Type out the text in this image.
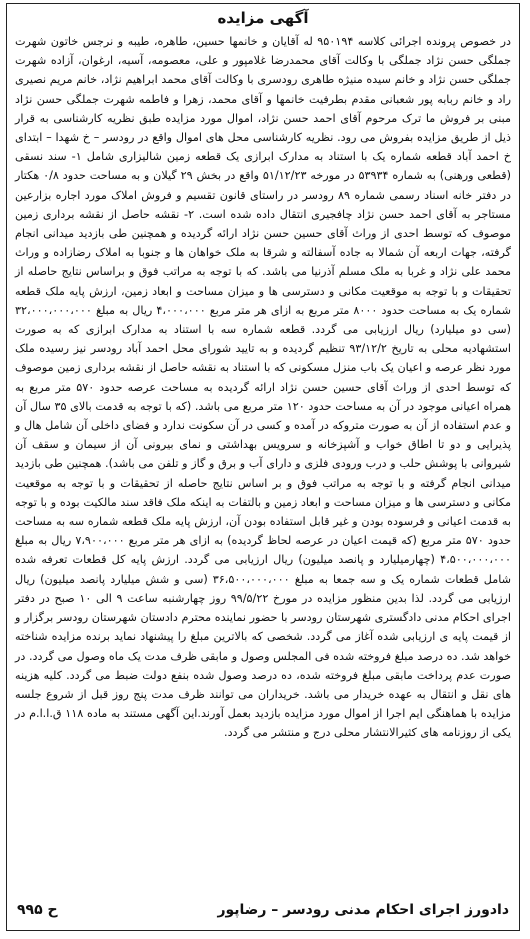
آگهی مزایده

در خصوص پرونده اجرائی کلاسه ۹۵۰۱۹۴ له آقایان و خانمها حسین، طاهره، طیبه و نرجس خاتون شهرت جملگی حسن نژاد جملگی با وکالت آقای محمدرضا غلامپور و علی، معصومه، آسیه، ارغوان، آزاده شهرت جملگی حسن نژاد و خانم سیده منیژه طاهری رودسری با وکالت آقای محمد ابراهیم نژاد، خانم مریم نصیری راد و خانم ربابه پور شعبانی مقدم بطرفیت خانمها و آقای محمد، زهرا و فاطمه شهرت جملگی حسن نژاد مبنی بر فروش ما ترک مرحوم آقای احمد حسن نژاد، اموال مورد مزایده طبق نظریه کارشناسی به قرار ذیل از طریق مزایده بفروش می رود. نظریه کارشناسی محل های اموال واقع در رودسر – خ شهدا – ابتدای خ احمد آباد قطعه شماره یک با استناد به مدارک ابرازی یک قطعه زمین شالیزاری شامل ۱- سند نسقی (قطعی ورهنی) به شماره ۵۳۹۳۴ در مورخه ۵۱/۱۲/۲۳ واقع در بخش ۲۹ گیلان و به مساحت حدود ۰/۸ هکتار در دفتر خانه اسناد رسمی شماره ۸۹ رودسر در راستای قانون تقسیم و فروش املاک مورد اجاره بزارعین مستاجر به آقای احمد حسن نژاد چافجیری انتقال داده شده است. ۲- نقشه حاصل از نقشه برداری زمین موصوف که توسط احدی از وراث آقای حسین حسن نژاد ارائه گردیده و همچنین طی بازدید میدانی انجام گرفته، جهات اربعه آن شمالا به جاده آسفالته و شرقا به ملک خواهان ها و جنوبا به املاک رضازاده و وراث محمد علی نژاد و غربا به ملک مسلم آذرنیا می باشد. که با توجه به مراتب فوق و براساس نتایج حاصله از تحقیقات و با توجه به موقعیت مکانی و دسترسی ها و میزان مساحت و ابعاد زمین، ارزش پایه ملک قطعه شماره یک به مساحت حدود ۸۰۰۰ متر مربع به ازای هر متر مربع ۴،۰۰۰،۰۰۰ ریال به مبلغ ۳۲،۰۰۰،۰۰۰،۰۰۰ (سی دو میلیارد) ریال ارزیابی می گردد. قطعه شماره سه با استناد به مدارک ابرازی که به صورت استشهادیه محلی به تاریخ ۹۳/۱۲/۲ تنظیم گردیده و به تایید شورای محل احمد آباد رودسر نیز رسیده ملک مورد نظر عرصه و اعیان یک باب منزل مسکونی که با استناد به نقشه حاصل از نقشه برداری زمین موصوف که توسط احدی از وراث آقای حسین حسن نژاد ارائه گردیده به مساحت عرصه حدود ۵۷۰ متر مربع به همراه اعیانی موجود در آن به مساحت حدود ۱۲۰ متر مربع می باشد. (که با توجه به قدمت بالای ۳۵ سال آن و عدم استفاده از آن به صورت متروکه در آمده و کسی در آن سکونت ندارد و فضای داخلی آن شامل هال و پذیرایی و دو تا اطاق خواب و آشپزخانه و سرویس بهداشتی و نمای بیرونی آن از سیمان و سقف آن شیروانی با پوشش حلب و درب ورودی فلزی و دارای آب و برق و گاز و تلفن می باشد). همچنین طی بازدید میدانی انجام گرفته و با توجه به مراتب فوق و بر اساس نتایج حاصله از تحقیقات و با توجه به موقعیت مکانی و دسترسی ها و میزان مساحت و ابعاد زمین و بالتفات به اینکه ملک فاقد سند مالکیت بوده و با توجه به قدمت اعیانی و فرسوده بودن و غیر قابل استفاده بودن آن، ارزش پایه ملک قطعه شماره سه به مساحت حدود ۵۷۰ متر مربع (که قیمت اعیان در عرصه لحاظ گردیده) به ازای هر متر مربع ۷،۹۰۰،۰۰۰ ریال به مبلغ ۴،۵۰۰،۰۰۰،۰۰۰ (چهارمیلیارد و پانصد میلیون) ریال ارزیابی می گردد. ارزش پایه کل قطعات تعرفه شده شامل قطعات شماره یک و سه جمعا به مبلغ ۳۶،۵۰۰،۰۰۰،۰۰۰ (سی و شش میلیارد پانصد میلیون) ریال ارزیابی می گردد. لذا بدین منظور مزایده در مورخ ۹۹/۵/۲۲ روز چهارشنبه ساعت ۹ الی ۱۰ صبح در دفتر اجرای احکام مدنی دادگستری شهرستان رودسر با حضور نماینده محترم دادستان شهرستان رودسر برگزار و از قیمت پایه ی ارزیابی شده آغاز می گردد. شخصی که بالاترین مبلغ را پیشنهاد نماید برنده مزایده شناخته خواهد شد. ده درصد مبلغ فروخته شده فی المجلس وصول و مابقی ظرف مدت یک ماه وصول می گردد. در صورت عدم پرداخت مابقی مبلغ فروخته شده، ده درصد وصول شده بنفع دولت ضبط می گردد. کلیه هزینه های نقل و انتقال به عهده خریدار می باشد. خریداران می توانند ظرف مدت پنج روز قبل از شروع جلسه مزایده با هماهنگی ایم اجرا از اموال مورد مزایده بازدید بعمل آورند.این آگهی مستند به ماده ۱۱۸ ق.ا.ا.م در یکی از روزنامه های کثیرالانتشار محلی درج و منتشر می گردد.

دادورز اجرای احکام مدنی رودسر – رضاپور
ح ۹۹۵
